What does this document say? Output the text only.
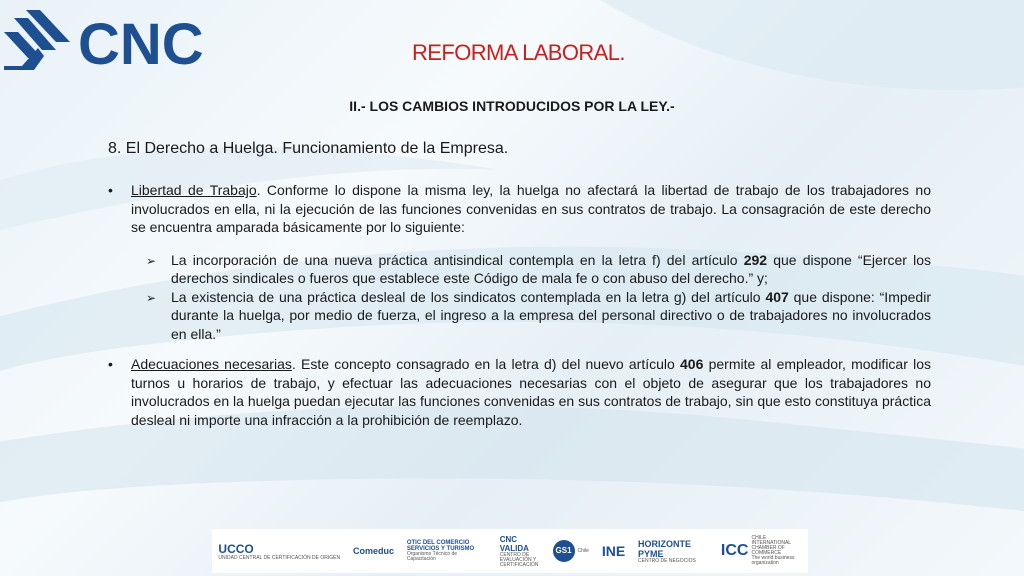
CNC	REFORMA LABORAL.
II.- LOS CAMBIOS INTRODUCIDOS POR LA LEY.-
8. El Derecho a Huelga. Funcionamiento de la Empresa.
• Libertad de Trabajo. Conforme lo dispone la misma ley, la huelga no afectará la libertad de trabajo de los trabajadores no involucrados en ella, ni la ejecución de las funciones convenidas en sus contratos de trabajo. La consagración de este derecho se encuentra amparada básicamente por lo siguiente:
➢ La incorporación de una nueva práctica antisindical contempla en la letra f) del artículo 292 que dispone “Ejercer los derechos sindicales o fueros que establece este Código de mala fe o con abuso del derecho.” y;
➢ La existencia de una práctica desleal de los sindicatos contemplada en la letra g) del artículo 407 que dispone: “Impedir durante la huelga, por medio de fuerza, el ingreso a la empresa del personal directivo o de trabajadores no involucrados en ella.”
• Adecuaciones necesarias. Este concepto consagrado en la letra d) del nuevo artículo 406 permite al empleador, modificar los turnos u horarios de trabajo, y efectuar las adecuaciones necesarias con el objeto de asegurar que los trabajadores no involucrados en la huelga puedan ejecutar las funciones convenidas en sus contratos de trabajo, sin que esto constituya práctica desleal ni importe una infracción a la prohibición de reemplazo.
UCCO
UNIDAD CENTRAL DE CERTIFICACIÓN DE ORIGEN
Comeduc
OTIC DEL COMERCIO SERVICIOS Y TURISMO
Organismo Técnico de Capacitación
CNC VALIDA
CENTRO DE EVALUACIÓN Y CERTIFICACIÓN
GS1	Chile INE HORIZONTE PYME
CENTRO DE NEGOCIOS
ICC
CHILE INTERNATIONAL CHAMBER OF COMMERCE
The world business organization
